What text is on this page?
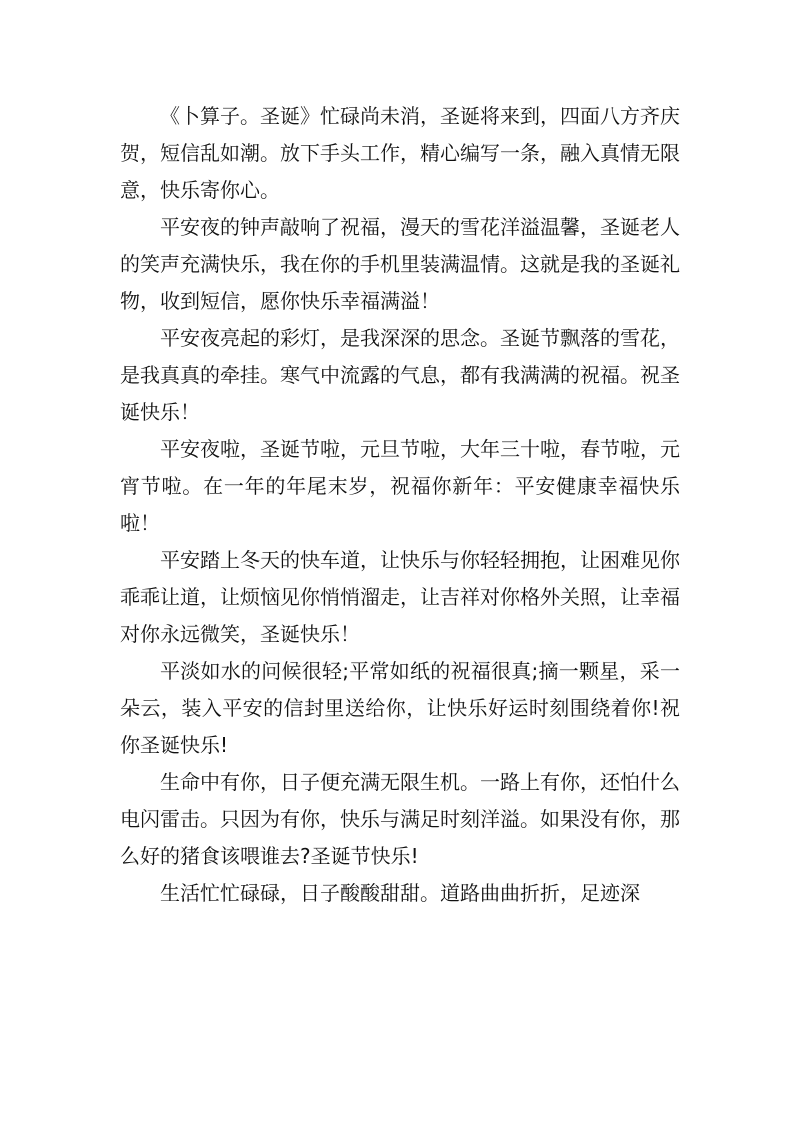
《卜算子。圣诞》忙碌尚未消，圣诞将来到，四面八方齐庆贺，短信乱如潮。放下手头工作，精心编写一条，融入真情无限意，快乐寄你心。

平安夜的钟声敲响了祝福，漫天的雪花洋溢温馨，圣诞老人的笑声充满快乐，我在你的手机里装满温情。这就是我的圣诞礼物，收到短信，愿你快乐幸福满溢！

平安夜亮起的彩灯，是我深深的思念。圣诞节飘落的雪花，是我真真的牵挂。寒气中流露的气息，都有我满满的祝福。祝圣诞快乐！

平安夜啦，圣诞节啦，元旦节啦，大年三十啦，春节啦，元宵节啦。在一年的年尾末岁，祝福你新年：平安健康幸福快乐啦！

平安踏上冬天的快车道，让快乐与你轻轻拥抱，让困难见你乖乖让道，让烦恼见你悄悄溜走，让吉祥对你格外关照，让幸福对你永远微笑，圣诞快乐！

平淡如水的问候很轻;平常如纸的祝福很真;摘一颗星，采一朵云，装入平安的信封里送给你，让快乐好运时刻围绕着你!祝你圣诞快乐!

生命中有你，日子便充满无限生机。一路上有你，还怕什么电闪雷击。只因为有你，快乐与满足时刻洋溢。如果没有你，那么好的猪食该喂谁去?圣诞节快乐!

生活忙忙碌碌，日子酸酸甜甜。道路曲曲折折，足迹深
